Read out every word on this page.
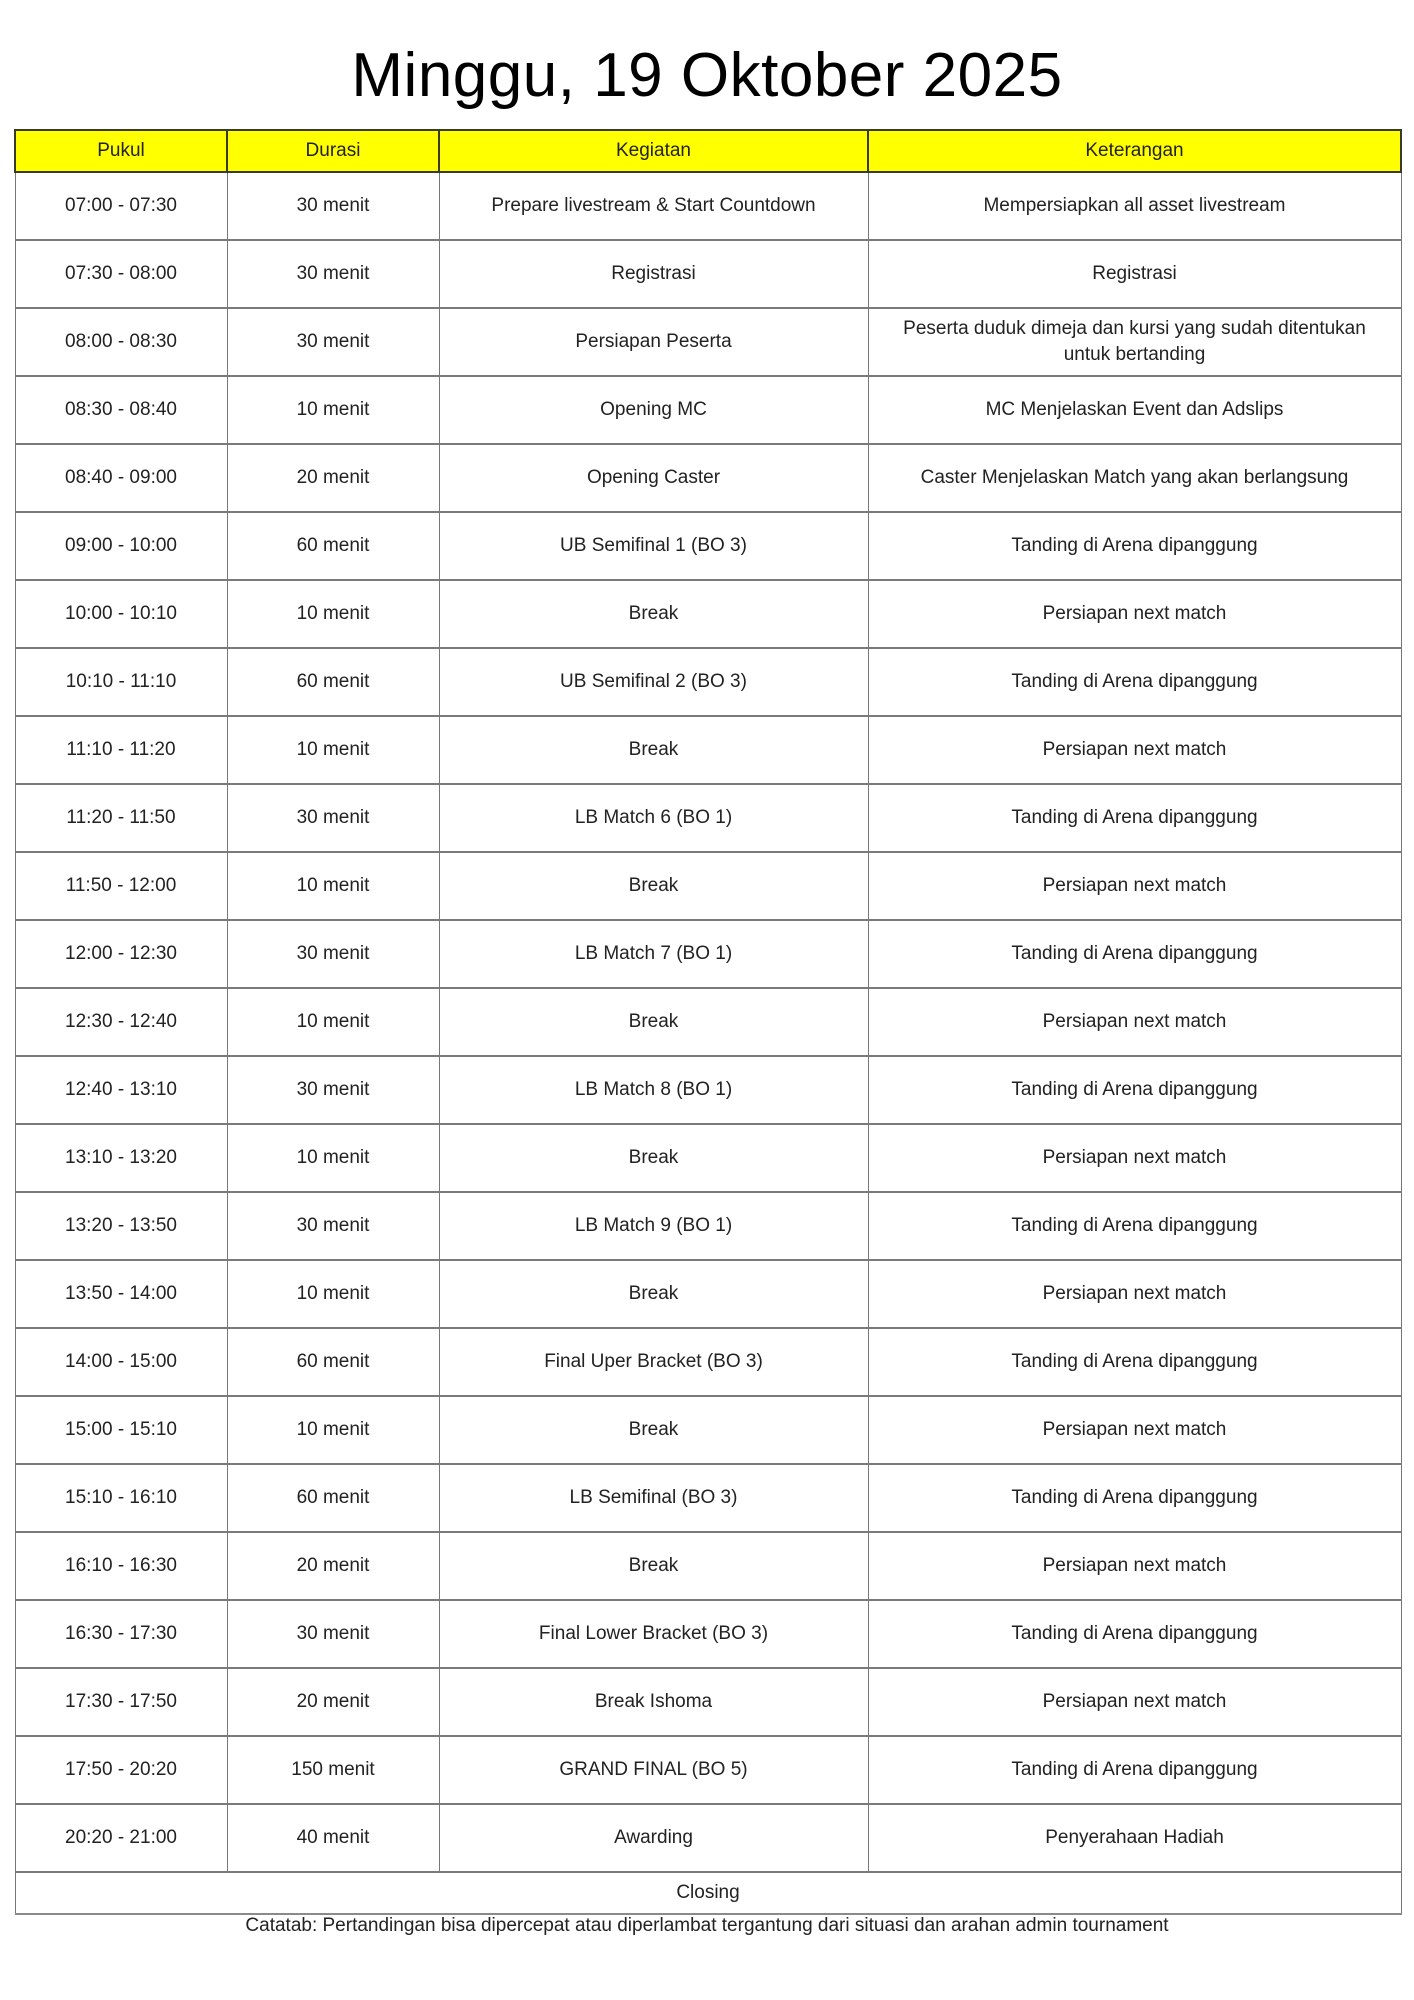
Minggu, 19 Oktober 2025
Pukul	Durasi	Kegiatan	Keterangan
07:00 - 07:30	30 menit	Prepare livestream & Start Countdown	Mempersiapkan all asset livestream
07:30 - 08:00	30 menit	Registrasi	Registrasi
08:00 - 08:30	30 menit	Persiapan Peserta	Peserta duduk dimeja dan kursi yang sudah ditentukan untuk bertanding
08:30 - 08:40	10 menit	Opening MC	MC Menjelaskan Event dan Adslips
08:40 - 09:00	20 menit	Opening Caster	Caster Menjelaskan Match yang akan berlangsung
09:00 - 10:00	60 menit	UB Semifinal 1 (BO 3)	Tanding di Arena dipanggung
10:00 - 10:10	10 menit	Break	Persiapan next match
10:10 - 11:10	60 menit	UB Semifinal 2 (BO 3)	Tanding di Arena dipanggung
11:10 - 11:20	10 menit	Break	Persiapan next match
11:20 - 11:50	30 menit	LB Match 6 (BO 1)	Tanding di Arena dipanggung
11:50 - 12:00	10 menit	Break	Persiapan next match
12:00 - 12:30	30 menit	LB Match 7 (BO 1)	Tanding di Arena dipanggung
12:30 - 12:40	10 menit	Break	Persiapan next match
12:40 - 13:10	30 menit	LB Match 8 (BO 1)	Tanding di Arena dipanggung
13:10 - 13:20	10 menit	Break	Persiapan next match
13:20 - 13:50	30 menit	LB Match 9 (BO 1)	Tanding di Arena dipanggung
13:50 - 14:00	10 menit	Break	Persiapan next match
14:00 - 15:00	60 menit	Final Uper Bracket (BO 3)	Tanding di Arena dipanggung
15:00 - 15:10	10 menit	Break	Persiapan next match
15:10 - 16:10	60 menit	LB Semifinal (BO 3)	Tanding di Arena dipanggung
16:10 - 16:30	20 menit	Break	Persiapan next match
16:30 - 17:30	30 menit	Final Lower Bracket (BO 3)	Tanding di Arena dipanggung
17:30 - 17:50	20 menit	Break Ishoma	Persiapan next match
17:50 - 20:20	150 menit	GRAND FINAL (BO 5)	Tanding di Arena dipanggung
20:20 - 21:00	40 menit	Awarding	Penyerahaan Hadiah
Closing			
Catatab: Pertandingan bisa dipercepat atau diperlambat tergantung dari situasi dan arahan admin tournament
